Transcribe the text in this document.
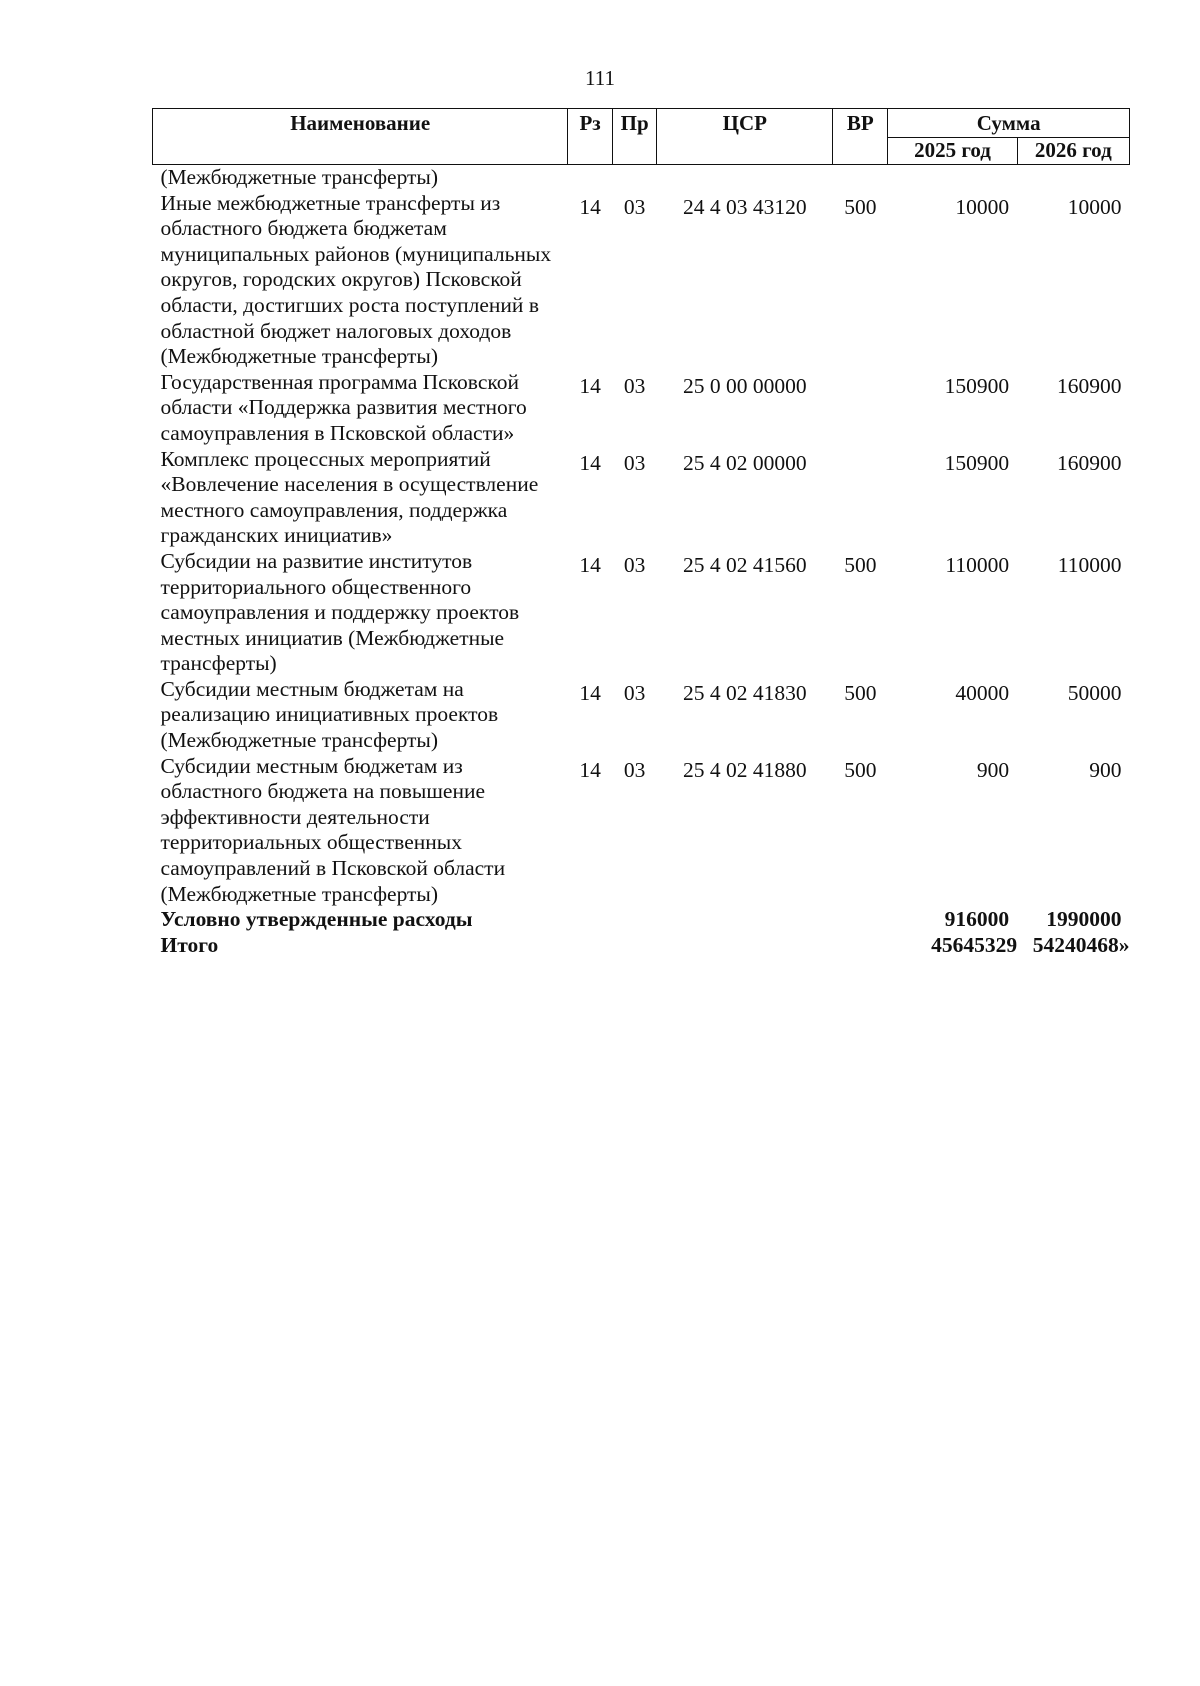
111
Наименование	Рз	Пр	ЦСР	ВР	Сумма	
					2025 год	2026 год
(Межбюджетные трансферты)						
Иные межбюджетные трансферты из областного бюджета бюджетам муниципальных районов (муниципальных округов, городских округов) Псковской области, достигших роста поступлений в областной бюджет налоговых доходов (Межбюджетные трансферты)	14	03	24 4 03 43120	500	10000	10000
Государственная программа Псковской области «Поддержка развития местного самоуправления в Псковской области»	14	03	25 0 00 00000		150900	160900
Комплекс процессных мероприятий «Вовлечение населения в осуществление местного самоуправления, поддержка гражданских инициатив»	14	03	25 4 02 00000		150900	160900
Субсидии на развитие институтов территориального общественного самоуправления и поддержку проектов местных инициатив (Межбюджетные трансферты)	14	03	25 4 02 41560	500	110000	110000
Субсидии местным бюджетам на реализацию инициативных проектов (Межбюджетные трансферты)	14	03	25 4 02 41830	500	40000	50000
Субсидии местным бюджетам из областного бюджета на повышение эффективности деятельности территориальных общественных самоуправлений в Псковской области (Межбюджетные трансферты)	14	03	25 4 02 41880	500	900	900
Условно утвержденные расходы					916000	1990000
Итого					45645329	54240468»
